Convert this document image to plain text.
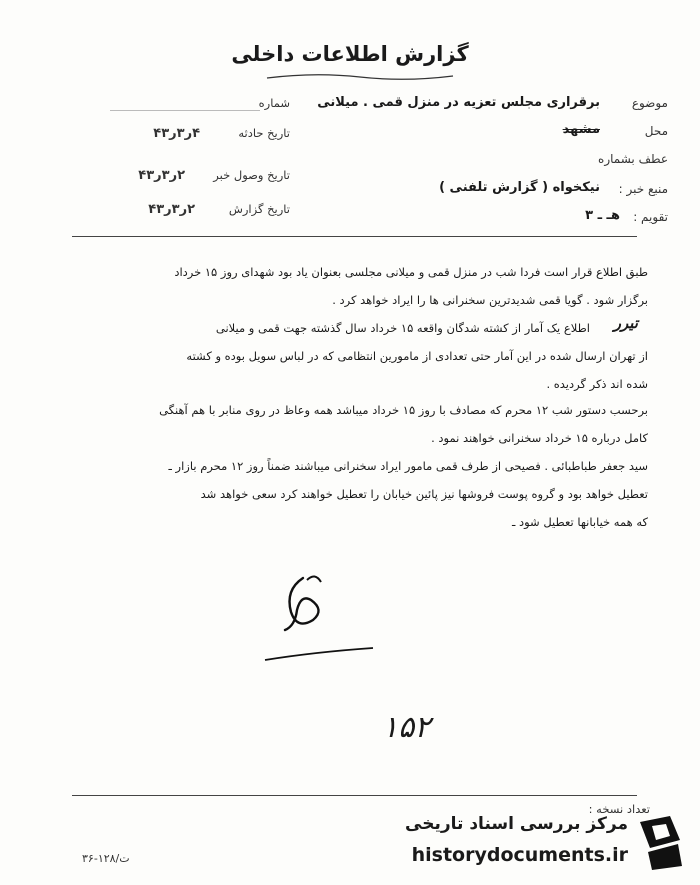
گزارش اطلاعات داخلی
موضوع
برقراری مجلس تعزیه در منزل قمی . میلانی
محل
مشهد
عطف بشماره
منبع خبر :
نیکخواه ( گزارش تلفنی )
تقویم :
هـ ـ ۳
شماره
تاریخ حادثه
۴ر۳ر۴۳
تاریخ وصول خبر
۲ر۳ر۴۳
تاریخ گزارش
۲ر۳ر۴۳
طبق اطلاع قرار است فردا شب در منزل قمی و میلانی مجلسی بعنوان یاد بود شهدای روز ۱۵ خرداد
برگزار شود . گویا قمی شدیدترین سخنرانی ها را ایراد خواهد کرد .
تیرر
اطلاع یک آمار از کشته شدگان واقعه ۱۵ خرداد سال گذشته جهت قمی و میلانی
از تهران ارسال شده در این آمار حتی تعدادی از مامورین انتظامی که در لباس سویل بوده و کشته
شده اند ذکر گردیده .
برحسب دستور شب ۱۲ محرم که مصادف با روز ۱۵ خرداد میباشد همه وعاظ در روی منابر با هم آهنگی
کامل درباره ۱۵ خرداد سخنرانی خواهند نمود .
سید جعفر طباطبائی . فصیحی از طرف قمی مامور ایراد سخنرانی میباشند ضمناً روز ۱۲ محرم بازار ـ
تعطیل خواهد بود و گروه پوست فروشها نیز پائین خیابان را تعطیل خواهند کرد سعی خواهد شد
که همه خیابانها تعطیل شود ـ
۱۵۲
تعداد نسخه :
ت/۱۲۸-۳۶
مرکز بررسی اسناد تاریخی
historydocuments.ir
